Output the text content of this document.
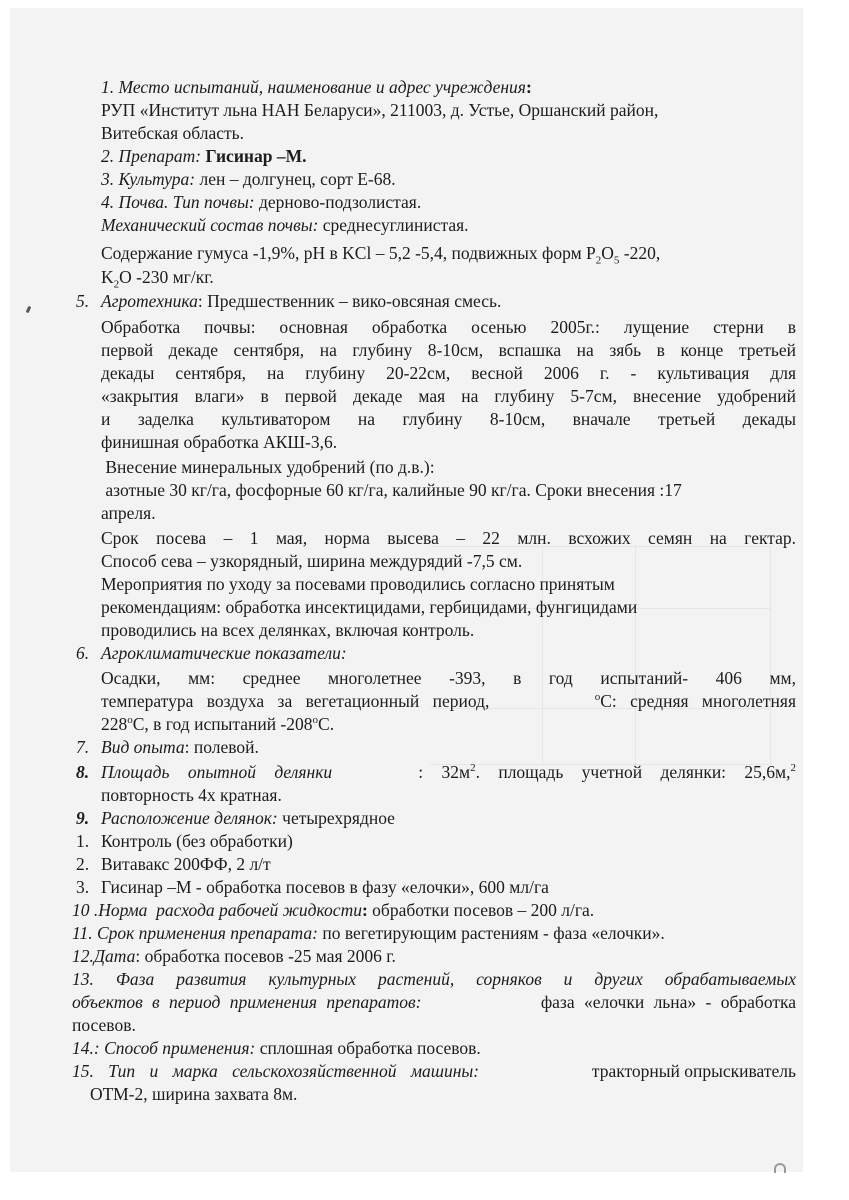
1. Место испытаний, наименование и адрес учреждения:
РУП «Институт льна НАН Беларуси», 211003, д. Устье, Оршанский район,
Витебская область.
2. Препарат: Гисинар –М.
3. Культура: лен – долгунец, сорт Е-68.
4. Почва. Тип почвы: дерново-подзолистая.
Механический состав почвы: среднесуглинистая.
Содержание гумуса -1,9%, pH в KCl – 5,2 -5,4, подвижных форм $P_2O_5$ -220,
$K_2O$ -230 мг/кг.
5. Агротехника: Предшественник – вико-овсяная смесь.
Обработка почвы: основная обработка осенью 2005г.: лущение стерни в
первой декаде сентября, на глубину 8-10см, вспашка на зябь в конце третьей
декады сентября, на глубину 20-22см, весной 2006 г. - культивация для
«закрытия влаги» в первой декаде мая на глубину 5-7см, внесение удобрений
и заделка культиватором на глубину 8-10см, вначале третьей декады
финишная обработка АКШ-3,6.
Внесение минеральных удобрений (по д.в.):
азотные 30 кг/га, фосфорные 60 кг/га, калийные 90 кг/га. Сроки внесения :17
апреля.
Срок посева – 1 мая, норма высева – 22 млн. всхожих семян на гектар.
Способ сева – узкорядный, ширина междурядий -7,5 см.
Мероприятия по уходу за посевами проводились согласно принятым
рекомендациям: обработка инсектицидами, гербицидами, фунгицидами
проводились на всех делянках, включая контроль.
6. Агроклиматические показатели:
Осадки, мм: среднее многолетнее -393, в год испытаний- 406 мм,
температура воздуха за вегетационный период,	$^o$С: средняя многолетняя
228$^o$С, в год испытаний -208$^o$С.
7. Вид опыта: полевой.
8. Площадь опытной делянки	: $32м^2$. площадь учетной делянки: 25,6м,$^2$
повторность 4х кратная.
9. Расположение делянок: четырехрядное
1. Контроль (без обработки)
2. Витавакс 200ФФ, 2 л/т
3. Гисинар –М - обработка посевов в фазу «елочки», 600 мл/га
10 .Норма  расхода рабочей жидкости: обработки посевов – 200 л/га.
11. Срок применения препарата: по вегетирующим растениям - фаза «елочки».
12.Дата: обработка посевов -25 мая 2006 г.
13. Фаза развития культурных растений, сорняков и других обрабатываемых
объектов в период применения препаратов:	фаза «елочки льна» - обработка
посевов.
14.: Способ применения: сплошная обработка посевов.
15. Тип и марка сельскохозяйственной машины:	тракторный опрыскиватель
ОТМ-2, ширина захвата 8м.
